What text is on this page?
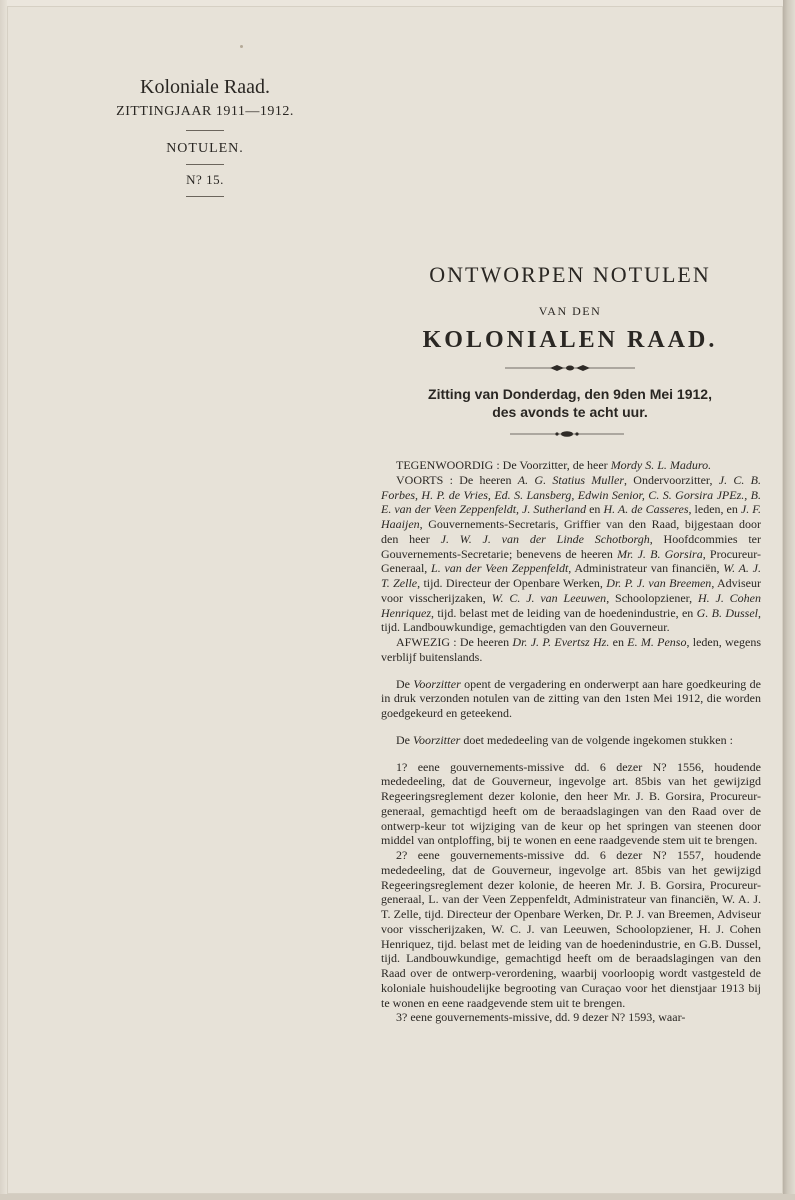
Koloniale Raad.
ZITTINGJAAR 1911—1912.
NOTULEN.
N? 15.
ONTWORPEN NOTULEN
VAN DEN
KOLONIALEN RAAD.
Zitting van Donderdag, den 9den Mei 1912,
des avonds te acht uur.

TEGENWOORDIG : De Voorzitter, de heer Mordy S. L. Maduro.

VOORTS : De heeren A. G. Statius Muller, Ondervoorzitter, J. C. B. Forbes, H. P. de Vries, Ed. S. Lansberg, Edwin Senior, C. S. Gorsira JPEz., B. E. van der Veen Zeppenfeldt, J. Sutherland en H. A. de Casseres, leden, en J. F. Haaijen, Gouvernements-Secretaris, Griffier van den Raad, bijgestaan door den heer J. W. J. van der Linde Schotborgh, Hoofdcommies ter Gouvernements-Secretarie; benevens de heeren Mr. J. B. Gorsira, Procureur-Generaal, L. van der Veen Zeppenfeldt, Administrateur van financiën, W. A. J. T. Zelle, tijd. Directeur der Openbare Werken, Dr. P. J. van Breemen, Adviseur voor visscherijzaken, W. C. J. van Leeuwen, Schoolopziener, H. J. Cohen Henriquez, tijd. belast met de leiding van de hoedenindustrie, en G. B. Dussel, tijd. Landbouwkundige, gemachtigden van den Gouverneur.

AFWEZIG : De heeren Dr. J. P. Evertsz Hz. en E. M. Penso, leden, wegens verblijf buitenslands.

De Voorzitter opent de vergadering en onderwerpt aan hare goedkeuring de in druk verzonden notulen van de zitting van den 1sten Mei 1912, die worden goedgekeurd en geteekend.

De Voorzitter doet mededeeling van de volgende ingekomen stukken :

1? eene gouvernements-missive dd. 6 dezer N? 1556, houdende mededeeling, dat de Gouverneur, ingevolge art. 85bis van het gewijzigd Regeeringsreglement dezer kolonie, den heer Mr. J. B. Gorsira, Procureur-generaal, gemachtigd heeft om de beraadslagingen van den Raad over de ontwerp-keur tot wijziging van de keur op het springen van steenen door middel van ontploffing, bij te wonen en eene raadgevende stem uit te brengen.

2? eene gouvernements-missive dd. 6 dezer N? 1557, houdende mededeeling, dat de Gouverneur, ingevolge art. 85bis van het gewijzigd Regeeringsreglement dezer kolonie, de heeren Mr. J. B. Gorsira, Procureur-generaal, L. van der Veen Zeppenfeldt, Administrateur van financiën, W. A. J. T. Zelle, tijd. Directeur der Openbare Werken, Dr. P. J. van Breemen, Adviseur voor visscherijzaken, W. C. J. van Leeuwen, Schoolopziener, H. J. Cohen Henriquez, tijd. belast met de leiding van de hoedenindustrie, en G.B. Dussel, tijd. Landbouwkundige, gemachtigd heeft om de beraadslagingen van den Raad over de ontwerp-verordening, waarbij voorloopig wordt vastgesteld de koloniale huishoudelijke begrooting van Curaçao voor het dienstjaar 1913 bij te wonen en eene raadgevende stem uit te brengen.

3? eene gouvernements-missive, dd. 9 dezer N? 1593, waar-
